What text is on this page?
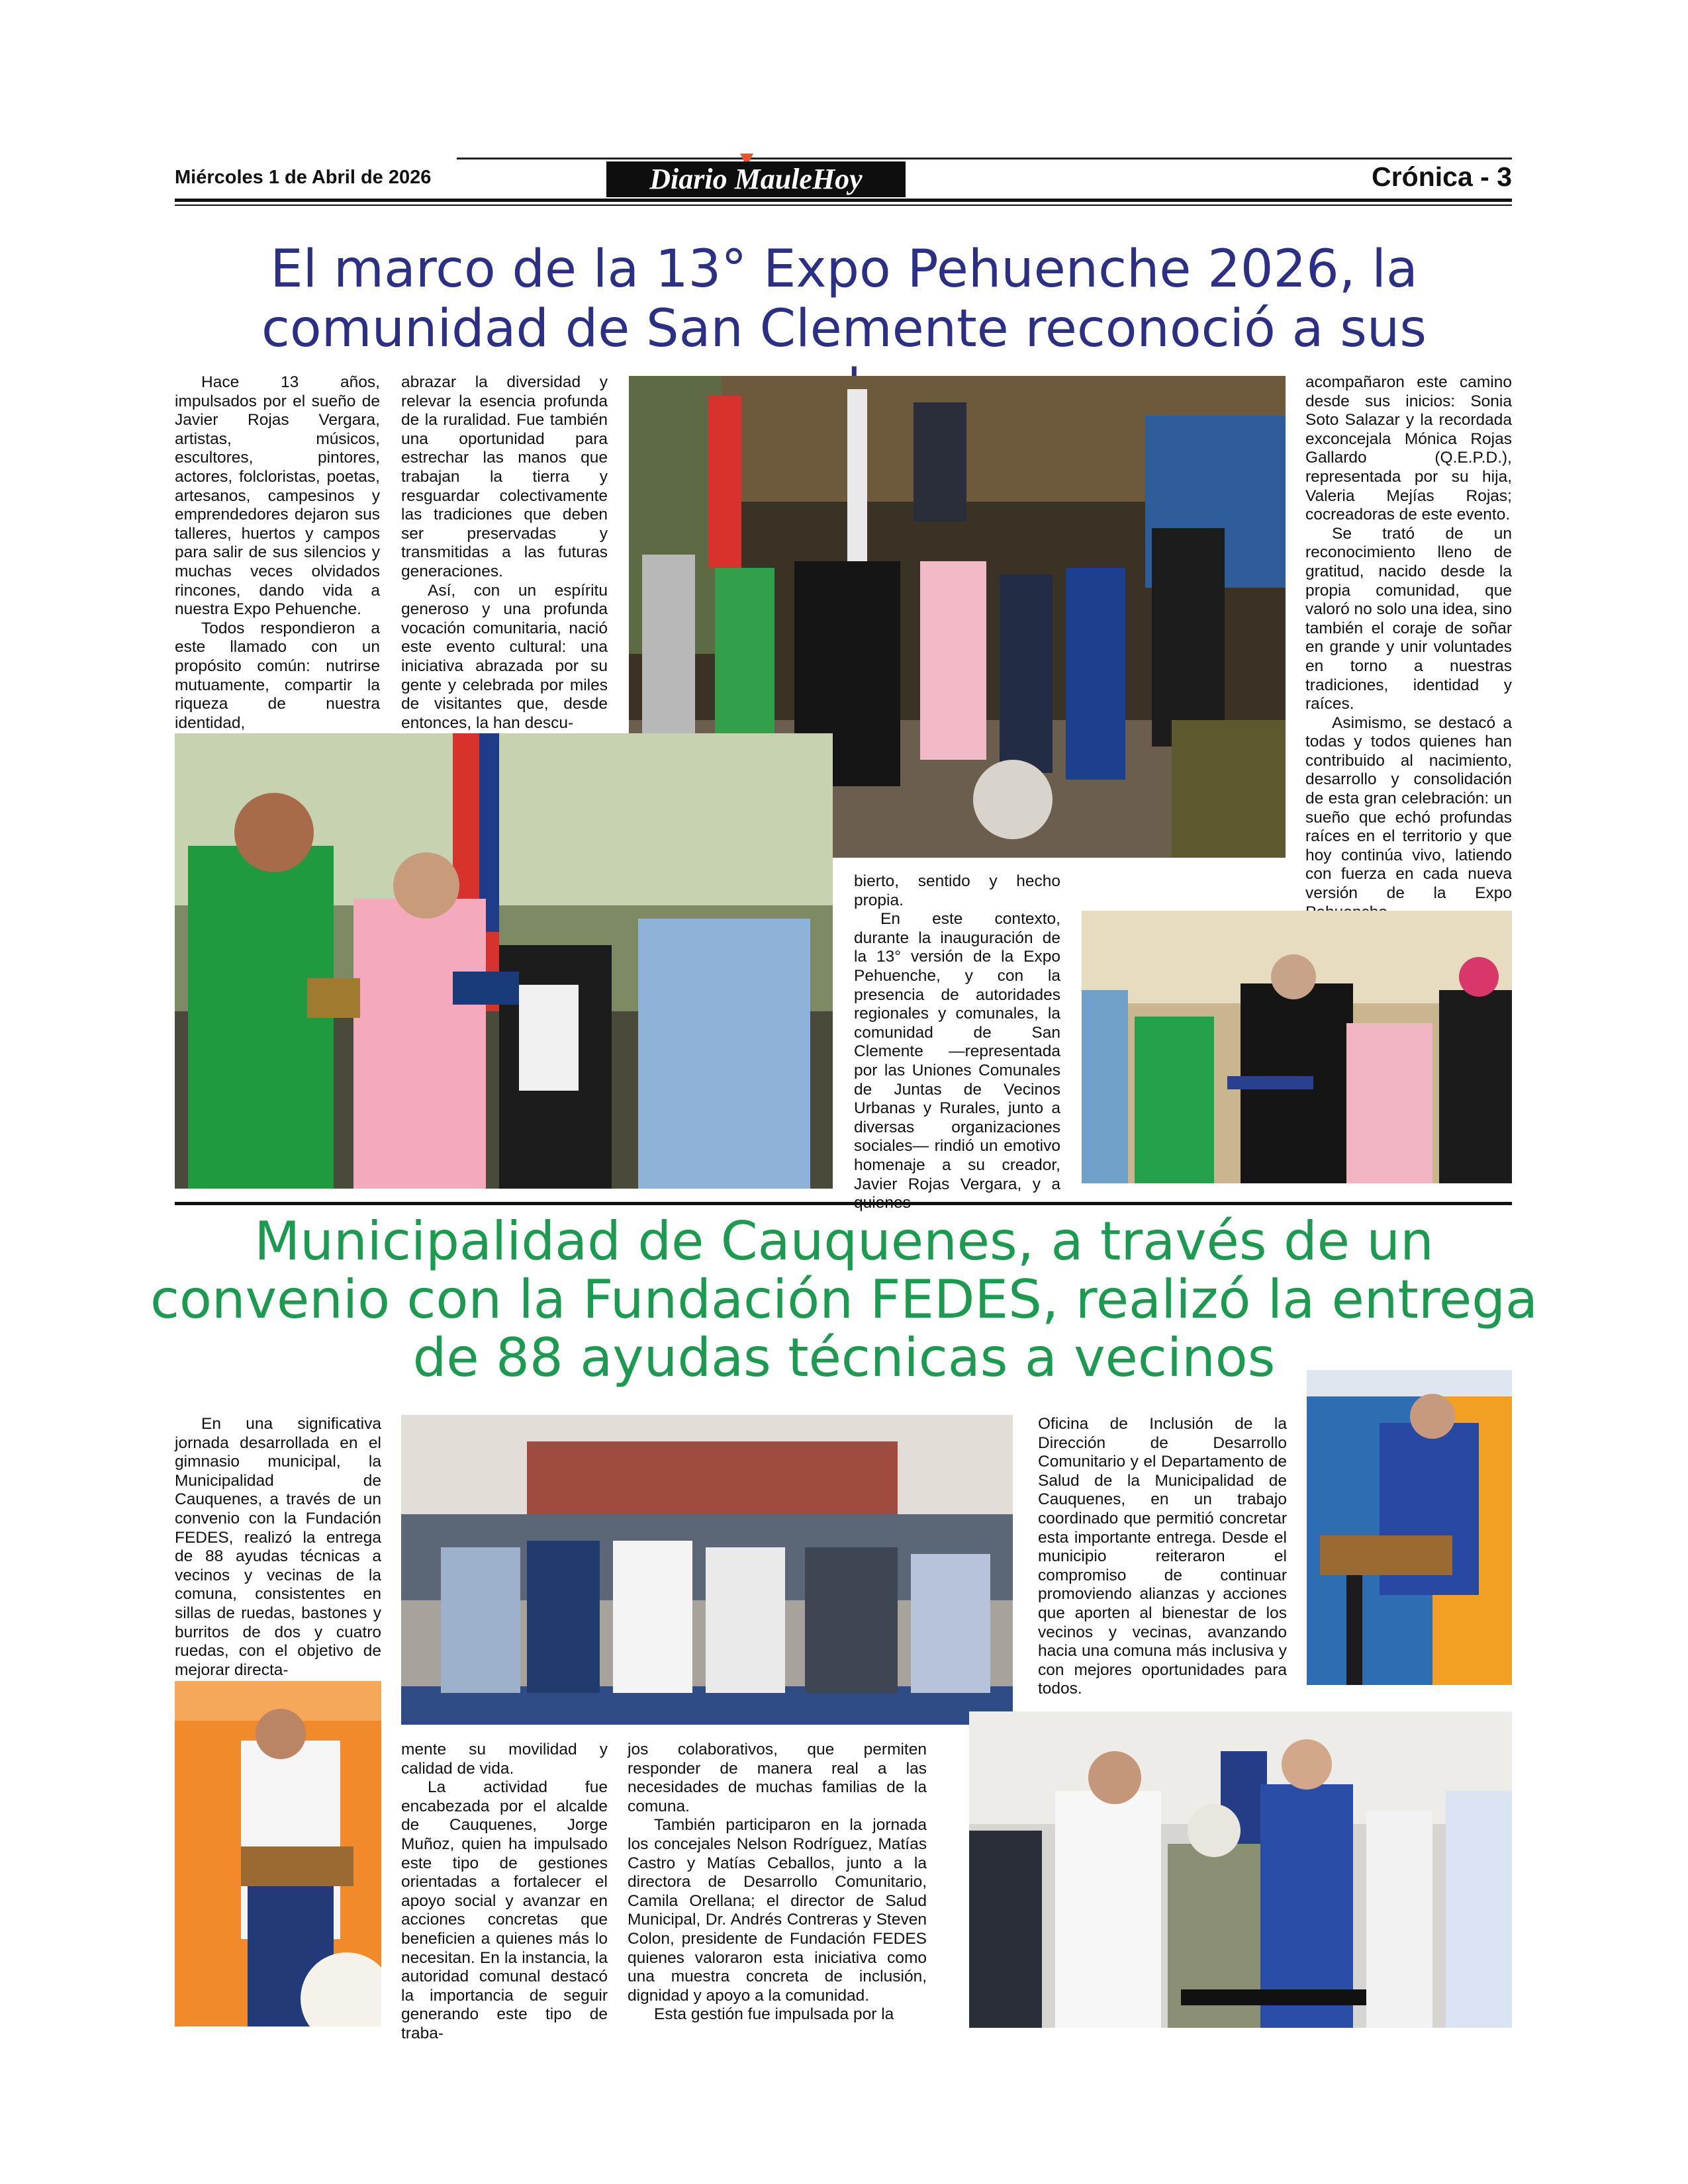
Miércoles 1 de Abril de 2026	Diario MauleHoy	Crónica - 3
El marco de la 13° Expo Pehuenche 2026, la comunidad de San Clemente reconoció a sus

Hace 13 años, impulsados por el sueño de Javier Rojas Vergara, artistas, músicos, escultores, pintores, actores, folcloristas, poetas, artesanos, campesinos y emprendedores dejaron sus talleres, huertos y campos para salir de sus silencios y muchas veces olvidados rincones, dando vida a nuestra Expo Pehuenche.

Todos respondieron a este llamado con un propósito común: nutrirse mutuamente, compartir la riqueza de nuestra identidad,

abrazar la diversidad y relevar la esencia profunda de la ruralidad. Fue también una oportunidad para estrechar las manos que trabajan la tierra y resguardar colectivamente las tradiciones que deben ser preservadas y transmitidas a las futuras generaciones.

Así, con un espíritu generoso y una profunda vocación comunitaria, nació este evento cultural: una iniciativa abrazada por su gente y celebrada por miles de visitantes que, desde entonces, la han descu-

bierto, sentido y hecho propia.

En este contexto, durante la inauguración de la 13° versión de la Expo Pehuenche, y con la presencia de autoridades regionales y comunales, la comunidad de San Clemente —representada por las Uniones Comunales de Juntas de Vecinos Urbanas y Rurales, junto a diversas organizaciones sociales— rindió un emotivo homenaje a su creador, Javier Rojas Vergara, y a

acompañaron este camino desde sus inicios: Sonia Soto Salazar y la recordada exconcejala Mónica Rojas Gallardo (Q.E.P.D.), representada por su hija, Valeria Mejías Rojas; cocreadoras de este evento.

Se trató de un reconocimiento lleno de gratitud, nacido desde la propia comunidad, que valoró no solo una idea, sino también el coraje de soñar en grande y unir voluntades en torno a nuestras tradiciones, identidad y raíces.

Asimismo, se destacó a todas y todos quienes han contribuido al nacimiento, desarrollo y consolidación de esta gran celebración: un sueño que echó profundas raíces en el territorio y que hoy continúa vivo, latiendo con fuerza en cada nueva versión de la Expo

Municipalidad de Cauquenes, a través de un convenio con la Fundación FEDES, realizó la entrega de 88 ayudas técnicas a vecinos

En una significativa jornada desarrollada en el gimnasio municipal, la Municipalidad de Cauquenes, a través de un convenio con la Fundación FEDES, realizó la entrega de 88 ayudas técnicas a vecinos y vecinas de la comuna, consistentes en sillas de ruedas, bastones y burritos de dos y cuatro ruedas, con el objetivo de mejorar directa-

mente su movilidad y calidad de vida.

La actividad fue encabezada por el alcalde de Cauquenes, Jorge Muñoz, quien ha impulsado este tipo de gestiones orientadas a fortalecer el apoyo social y avanzar en acciones concretas que beneficien a quienes más lo necesitan. En la instancia, la autoridad comunal destacó la importancia de seguir generando este tipo de traba-

jos colaborativos, que permiten responder de manera real a las necesidades de muchas familias de la comuna.

También participaron en la jornada los concejales Nelson Rodríguez, Matías Castro y Matías Ceballos, junto a la directora de Desarrollo Comunitario, Camila Orellana; el director de Salud Municipal, Dr. Andrés Contreras y Steven Colon, presidente de Fundación FEDES quienes valoraron esta iniciativa como una muestra concreta de inclusión, dignidad y apoyo a la comunidad.

Esta gestión fue impulsada por la

Oficina de Inclusión de la Dirección de Desarrollo Comunitario y el Departamento de Salud de la Municipalidad de Cauquenes, en un trabajo coordinado que permitió concretar esta importante entrega. Desde el municipio reiteraron el compromiso de continuar promoviendo alianzas y acciones que aporten al bienestar de los vecinos y vecinas, avanzando hacia una comuna más inclusiva y con mejores oportunidades para todos.
